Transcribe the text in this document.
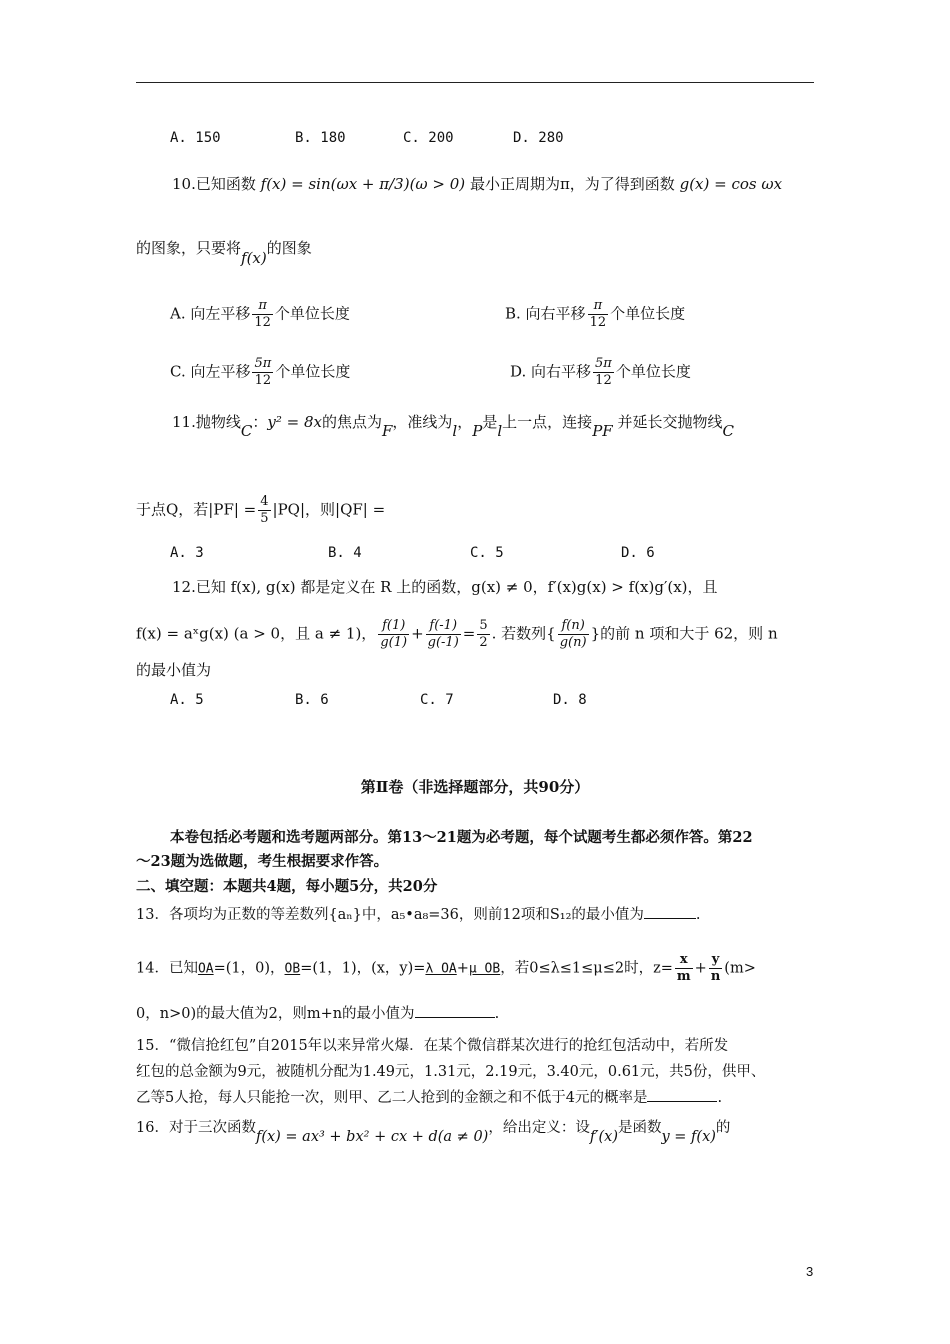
A. 150	B. 180	C. 200	D. 280
10.已知函数 f(x) = sin(ωx + π/3)(ω > 0) 最小正周期为π，为了得到函数 g(x) = cos ωx
的图象，只要将f(x)的图象
A. 向左平移 $\frac{\pi}{12}$ 个单位长度	B. 向右平移 $\frac{\pi}{12}$ 个单位长度
C. 向左平移 $\frac{5\pi}{12}$ 个单位长度	D. 向右平移 $\frac{5\pi}{12}$ 个单位长度
11.抛物线C：y² = 8x的焦点为F，准线为l，P是l上一点，连接PF 并延长交抛物线C
于点Q，若$|PF| = \frac{4}{5} |PQ|$，则|QF| =
A. 3	B. 4	C. 5	D. 6
12.已知 f(x), g(x) 都是定义在 R 上的函数，g(x) ≠ 0，f′(x)g(x) > f(x)g′(x)，且
f(x) = aˣg(x) (a > 0，且 a ≠ 1)， $\frac{f(1)}{g(1)} + \frac{f(-1)}{g(-1)} = \frac{5}{2}$ . 若数列{ $\frac{f(n)}{g(n)}$ }的前 n 项和大于 62，则 n
的最小值为
A. 5	B. 6	C. 7	D. 8
第Ⅱ卷（非选择题部分，共90分）
本卷包括必考题和选考题两部分。第13～21题为必考题，每个试题考生都必须作答。第22
～23题为选做题，考生根据要求作答。
二、填空题：本题共4题，每小题5分，共20分
13．各项均为正数的等差数列{aₙ}中，a₅•a₈=36，则前12项和S₁₂的最小值为	.
14．已知OA=(1，0)，OB=(1，1)，(x，y)=λ OA+μ OB，若0≤λ≤1≤μ≤2时，$z= \frac{x}{m} + \frac{y}{n} (m>$
0，n>0)的最大值为2，则m+n的最小值为	.
15．“微信抢红包”自2015年以来异常火爆．在某个微信群某次进行的抢红包活动中，若所发
红包的总金额为9元，被随机分配为1.49元，1.31元，2.19元，3.40元，0.61元，共5份，供甲、
乙等5人抢，每人只能抢一次，则甲、乙二人抢到的金额之和不低于4元的概率是	.
16．对于三次函数f(x) = ax³ + bx² + cx + d(a ≠ 0)，给出定义：设f′(x)是函数y = f(x)的
3
